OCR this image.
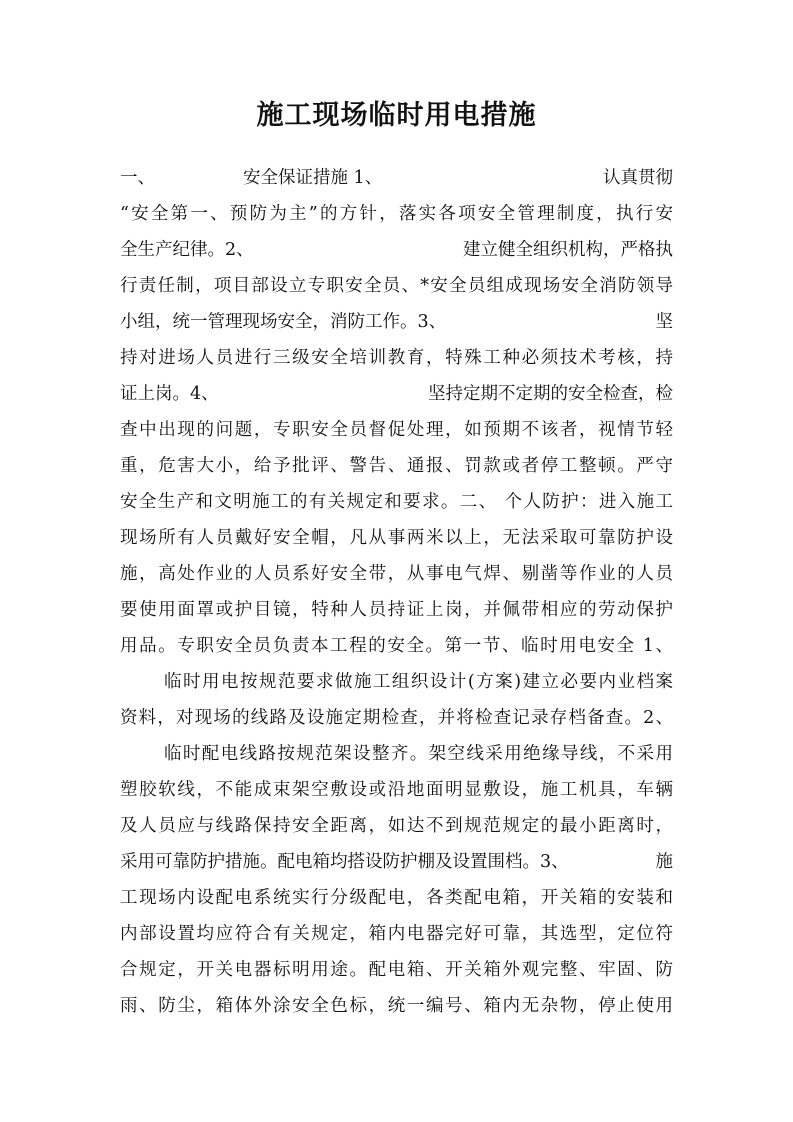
施工现场临时用电措施
一、	安全保证措施 1、	认真贯彻
“安全第一、预防为主”的方针，落实各项安全管理制度，执行安
全生产纪律。2、	建立健全组织机构，严格执
行责任制，项目部设立专职安全员、*安全员组成现场安全消防领导
小组，统一管理现场安全，消防工作。3、	坚
持对进场人员进行三级安全培训教育，特殊工种必须技术考核，持
证上岗。4、	坚持定期不定期的安全检查，检
查中出现的问题，专职安全员督促处理，如预期不该者，视情节轻
重，危害大小，给予批评、警告、通报、罚款或者停工整顿。严守
安全生产和文明施工的有关规定和要求。二、 个人防护：进入施工
现场所有人员戴好安全帽，凡从事两米以上，无法采取可靠防护设
施，高处作业的人员系好安全带，从事电气焊、剔凿等作业的人员
要使用面罩或护目镜，特种人员持证上岗，并佩带相应的劳动保护
用品。专职安全员负责本工程的安全。第一节、临时用电安全 1、
临时用电按规范要求做施工组织设计(方案)建立必要内业档案
资料，对现场的线路及设施定期检查，并将检查记录存档备查。2、
临时配电线路按规范架设整齐。架空线采用绝缘导线，不采用
塑胶软线，不能成束架空敷设或沿地面明显敷设，施工机具，车辆
及人员应与线路保持安全距离，如达不到规范规定的最小距离时，
采用可靠防护措施。配电箱均搭设防护棚及设置围档。3、	施
工现场内设配电系统实行分级配电，各类配电箱，开关箱的安装和
内部设置均应符合有关规定，箱内电器完好可靠，其选型，定位符
合规定，开关电器标明用途。配电箱、开关箱外观完整、牢固、防
雨、防尘，箱体外涂安全色标，统一编号、箱内无杂物，停止使用
